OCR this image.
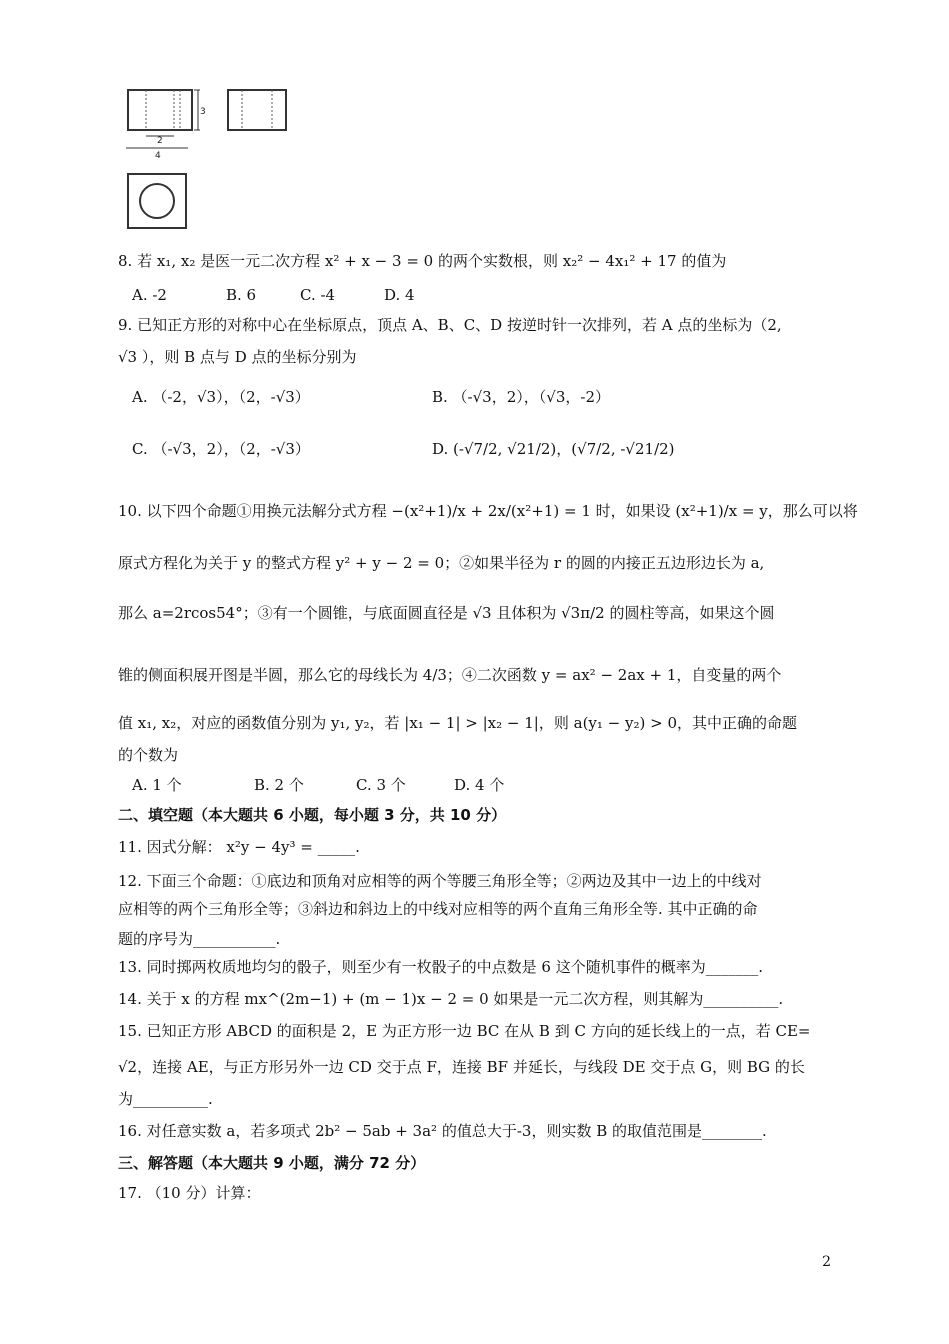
3
2
4
8. 若 x₁, x₂ 是医一元二次方程 x² + x − 3 = 0 的两个实数根，则 x₂² − 4x₁² + 17 的值为
A. -2	B. 6	C. -4	D. 4
9. 已知正方形的对称中心在坐标原点，顶点 A、B、C、D 按逆时针一次排列，若 A 点的坐标为（2,
√3 ），则 B 点与 D 点的坐标分别为
A. （-2，√3），（2，-√3）	B. （-√3，2），（√3，-2）
C. （-√3，2），（2，-√3）	D. (-√7/2, √21/2)，(√7/2, -√21/2)
10. 以下四个命题①用换元法解分式方程 −(x²+1)/x + 2x/(x²+1) = 1 时，如果设 (x²+1)/x = y，那么可以将
原式方程化为关于 y 的整式方程 y² + y − 2 = 0；②如果半径为 r 的圆的内接正五边形边长为 a,
那么 a=2rcos54°；③有一个圆锥，与底面圆直径是 √3 且体积为 √3π/2 的圆柱等高，如果这个圆
锥的侧面积展开图是半圆，那么它的母线长为 4/3；④二次函数 y = ax² − 2ax + 1，自变量的两个
值 x₁, x₂，对应的函数值分别为 y₁, y₂，若 |x₁ − 1| > |x₂ − 1|，则 a(y₁ − y₂) > 0，其中正确的命题
的个数为
A. 1 个	B. 2 个	C. 3 个	D. 4 个
二、填空题（本大题共 6 小题，每小题 3 分，共 10 分）
11. 因式分解： x²y − 4y³ = _____.
12. 下面三个命题：①底边和顶角对应相等的两个等腰三角形全等；②两边及其中一边上的中线对
应相等的两个三角形全等；③斜边和斜边上的中线对应相等的两个直角三角形全等. 其中正确的命
题的序号为___________.
13. 同时掷两枚质地均匀的骰子，则至少有一枚骰子的中点数是 6 这个随机事件的概率为_______.
14. 关于 x 的方程 mx^(2m−1) + (m − 1)x − 2 = 0 如果是一元二次方程，则其解为__________.
15. 已知正方形 ABCD 的面积是 2，E 为正方形一边 BC 在从 B 到 C 方向的延长线上的一点，若 CE=
√2，连接 AE，与正方形另外一边 CD 交于点 F，连接 BF 并延长，与线段 DE 交于点 G，则 BG 的长
为__________.
16. 对任意实数 a，若多项式 2b² − 5ab + 3a² 的值总大于-3，则实数 B 的取值范围是________.
三、解答题（本大题共 9 小题，满分 72 分）
17. （10 分）计算：
2
